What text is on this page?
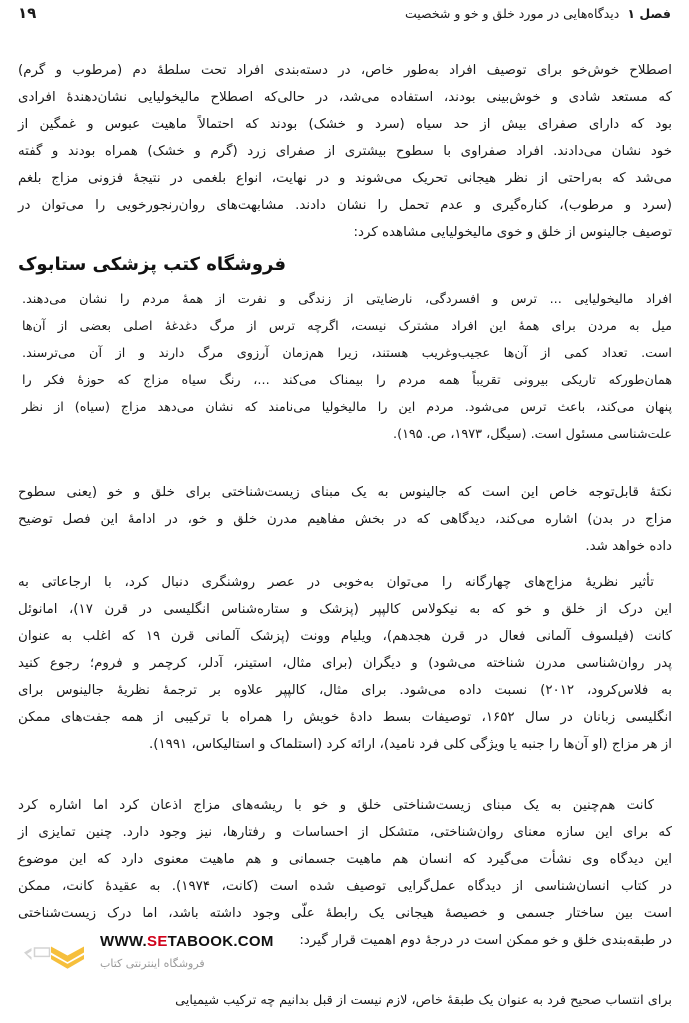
فصل ۱دیدگاه‌هایی در مورد خلق و خو و شخصیت
۱۹
اصطلاح خوش‌خو برای توصیف افراد به‌طور خاص، در دسته‌بندی افراد تحت سلطهٔ دم (مرطوب و گرم)
که مستعد شادی و خوش‌بینی بودند، استفاده می‌شد، در حالی‌که اصطلاح مالیخولیایی نشان‌دهندهٔ افرادی
بود که دارای صفرای بیش از حد سیاه (سرد و خشک) بودند که احتمالاً ماهیت عبوس و غمگین از
خود نشان می‌دادند. افراد صفراوی با سطوح بیشتری از صفرای زرد (گرم و خشک) همراه بودند و گفته
می‌شد که به‌راحتی از نظر هیجانی تحریک می‌شوند و در نهایت، انواع بلغمی در نتیجهٔ فزونی مزاج بلغم
(سرد و مرطوب)، کناره‌گیری و عدم تحمل را نشان دادند. مشابهت‌های روان‌رنجورخویی را می‌توان در
توصیف جالینوس از خلق و خوی مالیخولیایی مشاهده کرد:
افراد مالیخولیایی ... ترس و افسردگی، نارضایتی از زندگی و نفرت از همهٔ مردم را نشان می‌دهند.
میل به مردن برای همهٔ این افراد مشترک نیست، اگرچه ترس از مرگ دغدغهٔ اصلی بعضی از آن‌ها
است. تعداد کمی از آن‌ها عجیب‌وغریب هستند، زیرا هم‌زمان آرزوی مرگ دارند و از آن می‌ترسند.
همان‌طورکه تاریکی بیرونی تقریباً همه مردم را بیمناک می‌کند ...، رنگ سیاه مزاج که حوزهٔ فکر را
پنهان می‌کند، باعث ترس می‌شود. مردم این را مالیخولیا می‌نامند که نشان می‌دهد مزاج (سیاه) از نظر
علت‌شناسی مسئول است. (سیگل، ۱۹۷۳، ص. ۱۹۵).
نکتهٔ قابل‌توجه خاص این است که جالینوس به یک مبنای زیست‌شناختی برای خلق و خو (یعنی سطوح
مزاج در بدن) اشاره می‌کند، دیدگاهی که در بخش مفاهیم مدرن خلق و خو، در ادامهٔ این فصل توضیح
داده خواهد شد.
تأثیر نظریهٔ مزاج‌های چهارگانه را می‌توان به‌خوبی در عصر روشنگری دنبال کرد، با ارجاعاتی به
این درک از خلق و خو که به نیکولاس کالپپر (پزشک و ستاره‌شناس انگلیسی در قرن ۱۷)، امانوئل
کانت (فیلسوف آلمانی فعال در قرن هجدهم)، ویلیام وونت (پزشک آلمانی قرن ۱۹ که اغلب به عنوان
پدر روان‌شناسی مدرن شناخته می‌شود) و دیگران (برای مثال، استینر، آدلر، کرچمر و فروم؛ رجوع کنید
به فلاس‌کرود، ۲۰۱۲) نسبت داده می‌شود. برای مثال، کالپپر علاوه بر ترجمهٔ نظریهٔ جالینوس برای
انگلیسی زبانان در سال ۱۶۵۲، توصیفات بسط دادهٔ خویش را همراه با ترکیبی از همه جفت‌های ممکن
از هر مزاج (او آن‌ها را جنبه یا ویژگی کلی فرد نامید)، ارائه کرد (استلماک و استالیکاس، ۱۹۹۱).
کانت هم‌چنین به یک مبنای زیست‌شناختی خلق و خو با ریشه‌های مزاج اذعان کرد اما اشاره کرد
که برای این سازه معنای روان‌شناختی، متشکل از احساسات و رفتارها، نیز وجود دارد. چنین تمایزی از
این دیدگاه وی نشأت می‌گیرد که انسان هم ماهیت جسمانی و هم ماهیت معنوی دارد که این موضوع
در کتاب انسان‌شناسی از دیدگاه عمل‌گرایی توصیف شده است (کانت، ۱۹۷۴). به عقیدهٔ کانت، ممکن
است بین ساختار جسمی و خصیصهٔ هیجانی یک رابطهٔ علّی وجود داشته باشد، اما درک زیست‌شناختی
در طبقه‌بندی خلق و خو ممکن است در درجهٔ دوم اهمیت قرار گیرد:
برای انتساب صحیح فرد به عنوان یک طبقهٔ خاص، لازم نیست از قبل بدانیم چه ترکیب شیمیایی
فروشگاه کتب پزشکی ستابوک
WWW.SETABOOK.COM
فروشگاه اینترنتی کتاب
